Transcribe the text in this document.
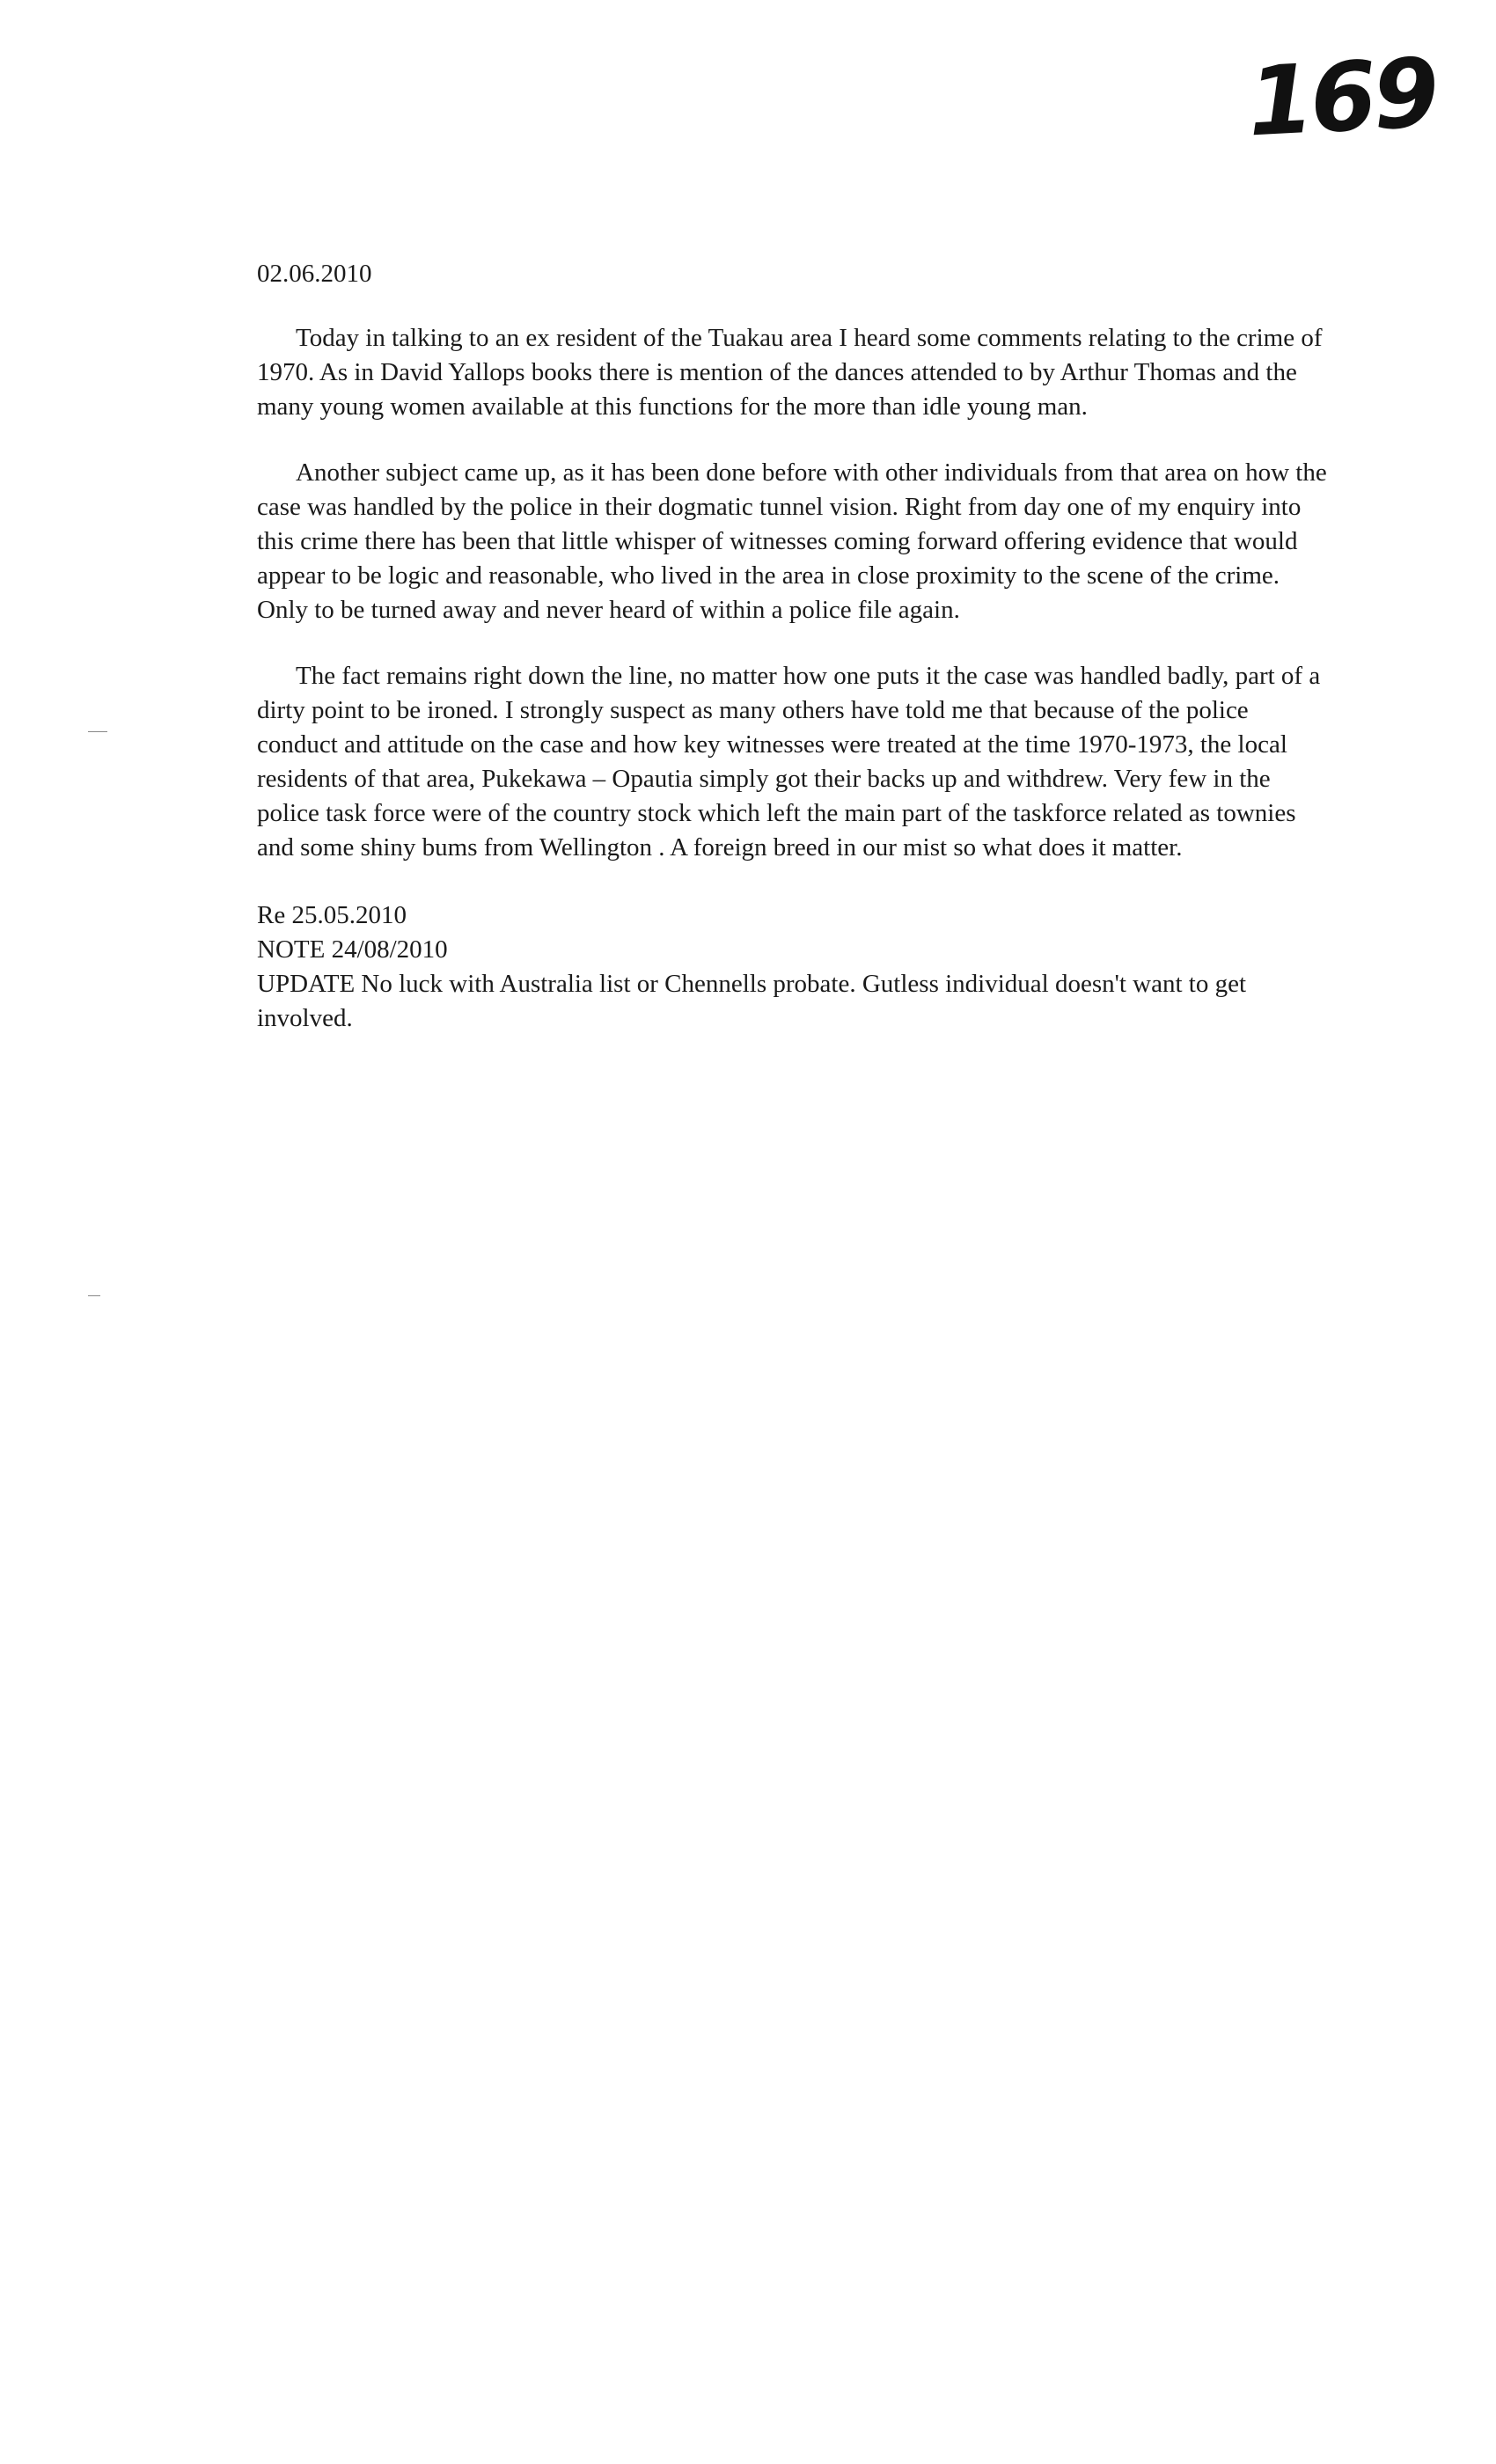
169

02.06.2010

Today in talking to an ex resident of the Tuakau area I heard some comments relating to the crime of 1970. As in David Yallops books there is mention of the dances attended to by Arthur Thomas and the many young women available at this functions for the more than idle young man.

Another subject came up, as it has been done before with other individuals from that area on how the case was handled by the police in their dogmatic tunnel vision. Right from day one of my enquiry into this crime there has been that little whisper of witnesses coming forward offering evidence that would appear to be logic and reasonable, who lived in the area in close proximity to the scene of the crime. Only to be turned away and never heard of within a police file again.

The fact remains right down the line, no matter how one puts it the case was handled badly, part of a dirty point to be ironed. I strongly suspect as many others have told me that because of the police conduct and attitude on the case and how key witnesses were treated at the time 1970-1973, the local residents of that area, Pukekawa – Opautia simply got their backs up and withdrew. Very few in the police task force were of the country stock which left the main part of the taskforce related as townies and some shiny bums from Wellington . A foreign breed in our mist so what does it matter.

Re 25.05.2010

NOTE 24/08/2010

UPDATE No luck with Australia list or Chennells probate. Gutless individual doesn't want to get involved.
